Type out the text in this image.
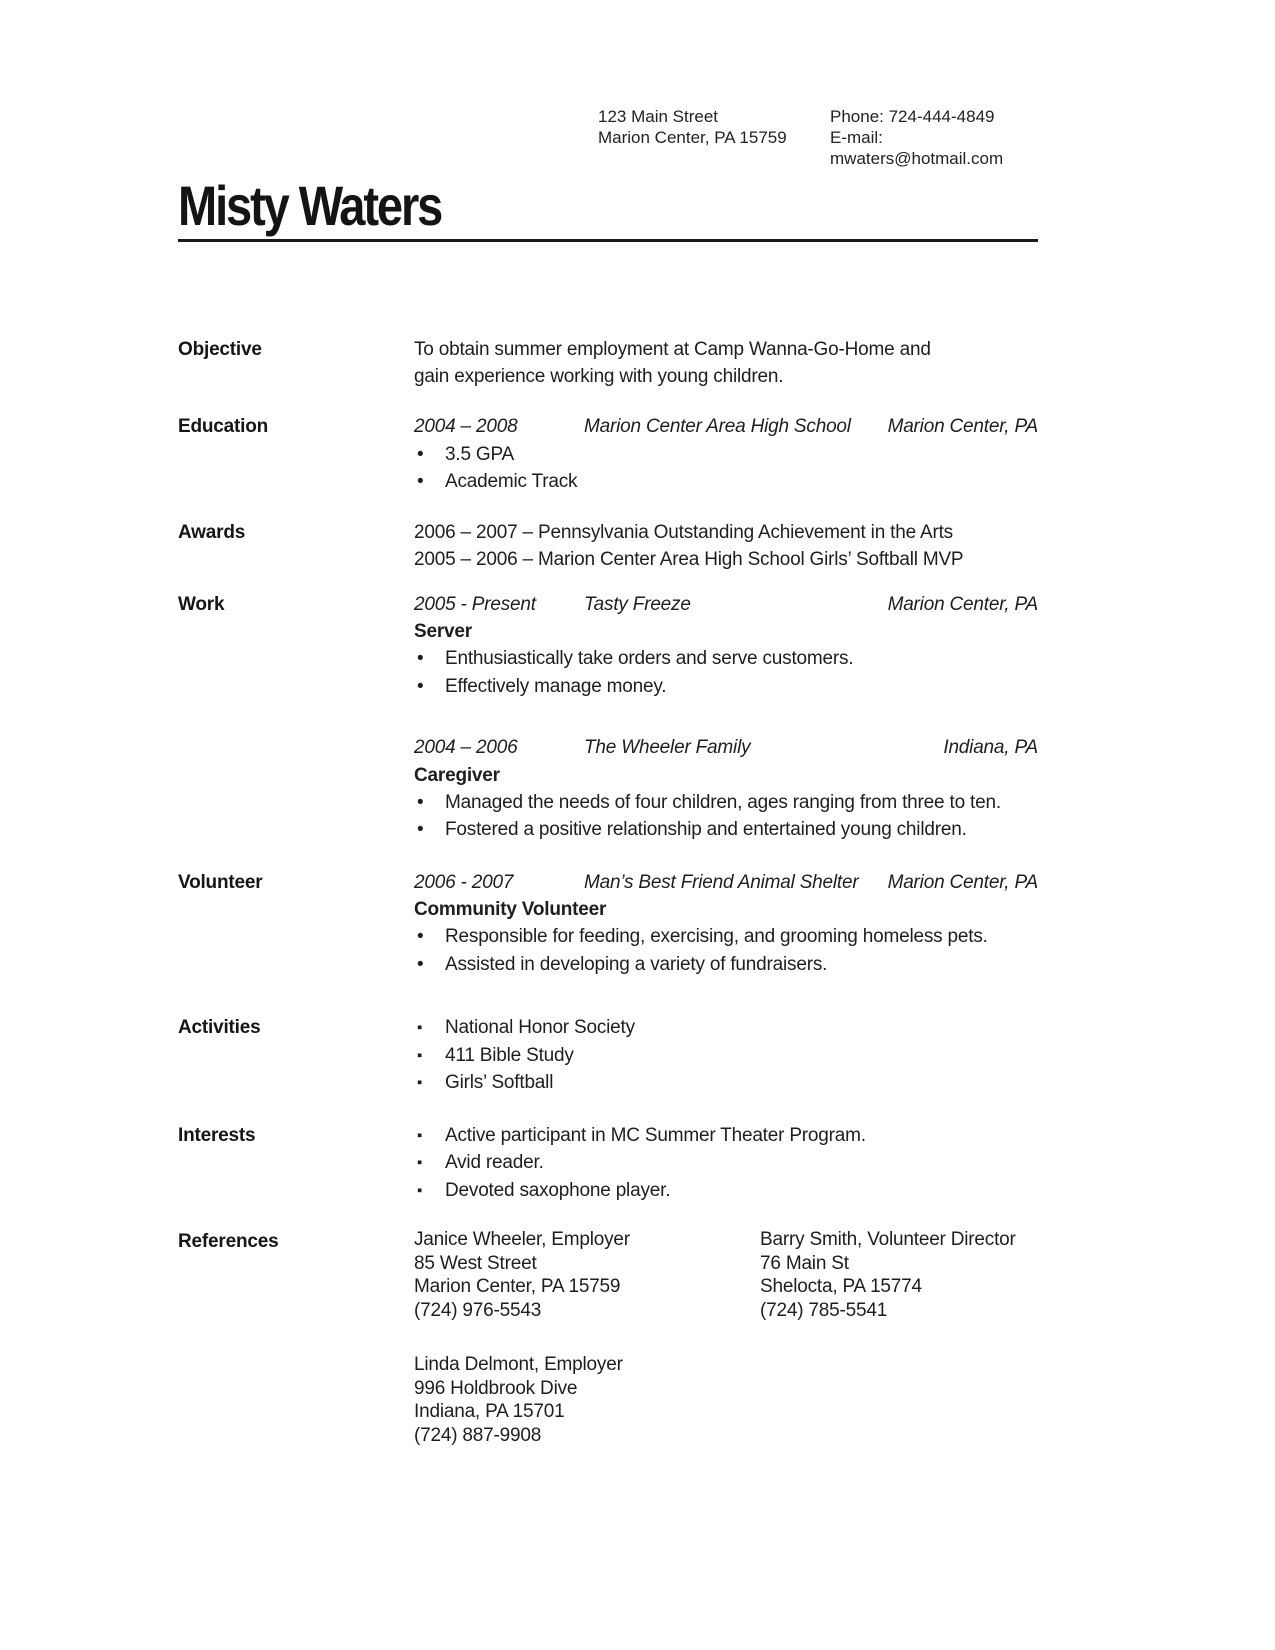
123 Main Street
Marion Center, PA 15759
Phone: 724-444-4849
E-mail: mwaters@hotmail.com
Misty Waters
Objective	To obtain summer employment at Camp Wanna-Go-Home and gain experience working with young children.

Education	2004 – 2008	Marion Center Area High School	Marion Center, PA
•	3.5 GPA
•	Academic Track
Awards	2006 – 2007 – Pennsylvania Outstanding Achievement in the Arts
2005 – 2006 – Marion Center Area High School Girls’ Softball MVP
Work	2005 - Present	Tasty Freeze	Marion Center, PA
Server
•	Enthusiastically take orders and serve customers.
•	Effectively manage money.
2004 – 2006	The Wheeler Family	Indiana, PA
Caregiver
•	Managed the needs of four children, ages ranging from three to ten.
•	Fostered a positive relationship and entertained young children.
Volunteer	2006 - 2007	Man’s Best Friend Animal Shelter	Marion Center, PA
Community Volunteer
•	Responsible for feeding, exercising, and grooming homeless pets.
•	Assisted in developing a variety of fundraisers.
Activities	▪	National Honor Society
▪	411 Bible Study
▪	Girls’ Softball
Interests	▪	Active participant in MC Summer Theater Program.
▪	Avid reader.
▪	Devoted saxophone player.
References	Janice Wheeler, Employer
85 West Street
Marion Center, PA 15759
(724) 976-5543
Barry Smith, Volunteer Director
76 Main St
Shelocta, PA 15774
(724) 785-5541
Linda Delmont, Employer
996 Holdbrook Dive
Indiana, PA 15701
(724) 887-9908
